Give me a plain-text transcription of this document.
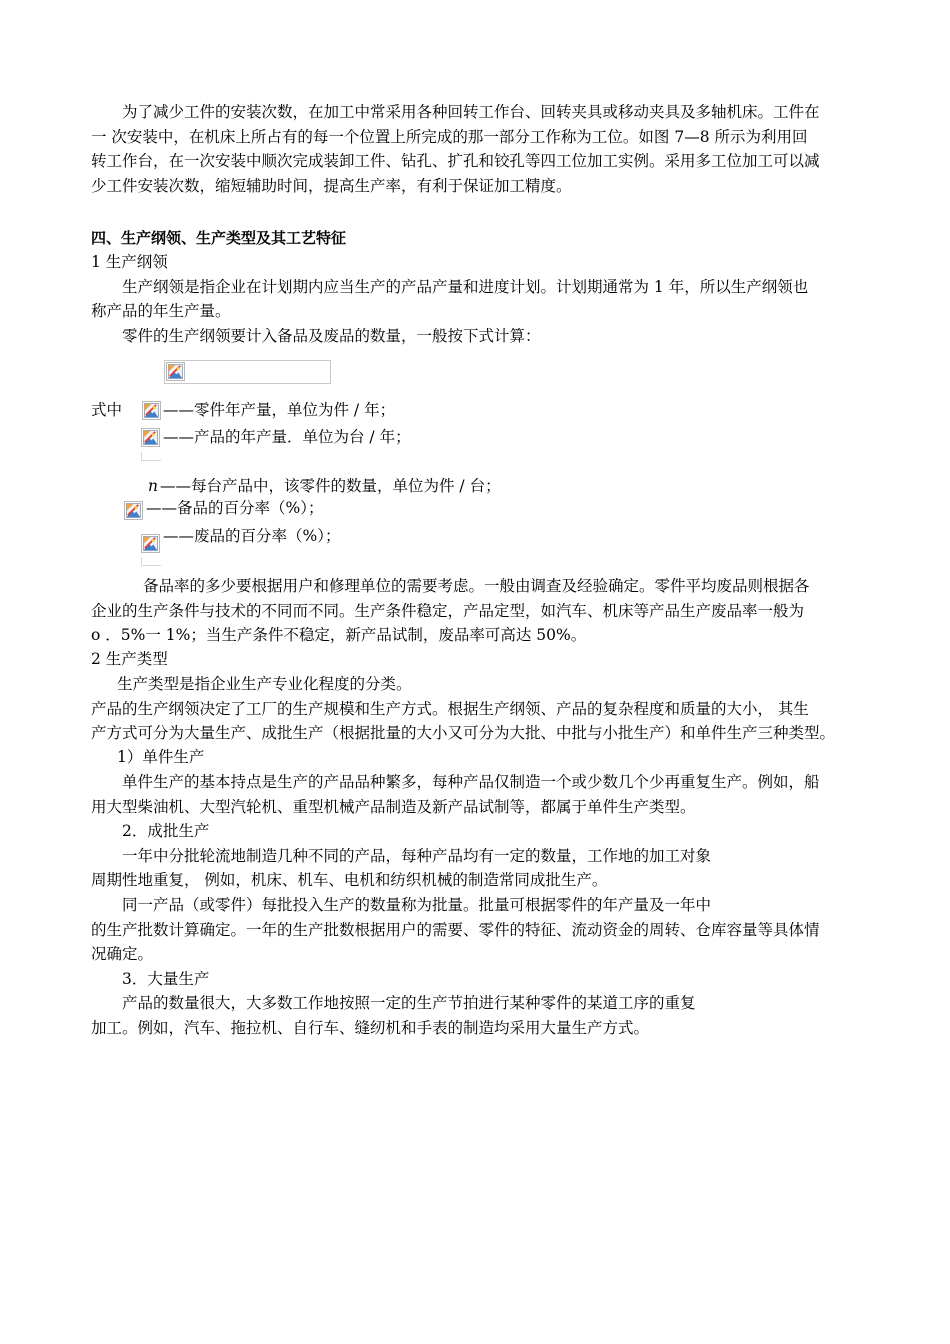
为了减少工件的安装次数，在加工中常采用各种回转工作台、回转夹具或移动夹具及多轴机床。工件在
一 次安装中，在机床上所占有的每一个位置上所完成的那一部分工作称为工位。如图 7—8 所示为利用回
转工作台，在一次安装中顺次完成装卸工件、钻孔、扩孔和铰孔等四工位加工实例。采用多工位加工可以减
少工件安装次数，缩短辅助时间，提高生产率，有利于保证加工精度。
四、生产纲领、生产类型及其工艺特征
1 生产纲领
生产纲领是指企业在计划期内应当生产的产品产量和进度计划。计划期通常为 1 年，所以生产纲领也
称产品的年生产量。
零件的生产纲领要计入备品及废品的数量，一般按下式计算：
式中	——零件年产量，单位为件 / 年；
——产品的年产量．单位为台 / 年；
n ——每台产品中，该零件的数量，单位为件 / 台；
——备品的百分率（%）；
——废品的百分率（%）；
备品率的多少要根据用户和修理单位的需要考虑。一般由调查及经验确定。零件平均废品则根据各
企业的生产条件与技术的不同而不同。生产条件稳定，产品定型，如汽车、机床等产品生产废品率一般为
o ．5%一 1%；当生产条件不稳定，新产品试制，废品率可高达 50%。
2 生产类型
生产类型是指企业生产专业化程度的分类。
产品的生产纲领决定了工厂的生产规模和生产方式。根据生产纲领、产品的复杂程度和质量的大小， 其生
产方式可分为大量生产、成批生产（根据批量的大小又可分为大批、中批与小批生产）和单件生产三种类型。
1）单件生产
单件生产的基本持点是生产的产品品种繁多，每种产品仅制造一个或少数几个少再重复生产。例如，船
用大型柴油机、大型汽轮机、重型机械产品制造及新产品试制等，都属于单件生产类型。
2．成批生产
一年中分批轮流地制造几种不同的产品，每种产品均有一定的数量，工作地的加工对象
周期性地重复， 例如，机床、机车、电机和纺织机械的制造常同成批生产。
同一产品（或零件）每批投入生产的数量称为批量。批量可根据零件的年产量及一年中
的生产批数计算确定。一年的生产批数根据用户的需要、零件的特征、流动资金的周转、仓库容量等具体情
况确定。
3．大量生产
产品的数量很大，大多数工作地按照一定的生产节拍进行某种零件的某道工序的重复
加工。例如，汽车、拖拉机、自行车、缝纫机和手表的制造均采用大量生产方式。
